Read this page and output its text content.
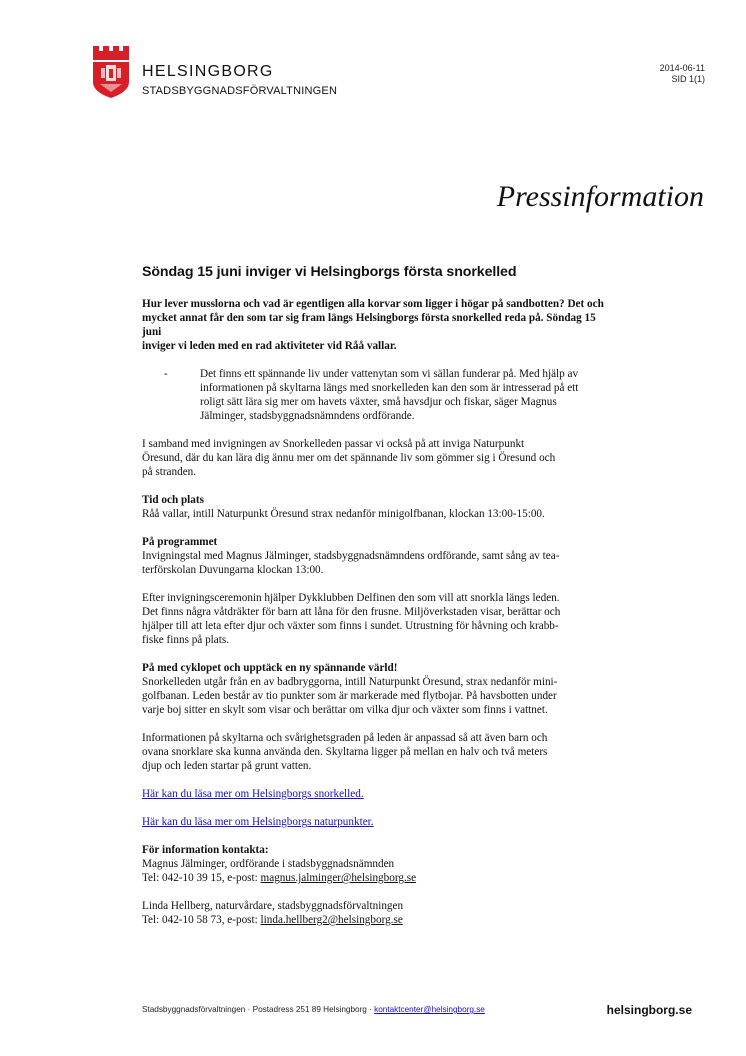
HELSINGBORG
STADSBYGGNADSFÖRVALTNINGEN
2014-06-11
SID 1(1)
Pressinformation
Söndag 15 juni inviger vi Helsingborgs första snorkelled
Hur lever musslorna och vad är egentligen alla korvar som ligger i högar på sandbotten? Det och
mycket annat får den som tar sig fram längs Helsingborgs första snorkelled reda på. Söndag 15 juni
inviger vi leden med en rad aktiviteter vid Råå vallar.
-	Det finns ett spännande liv under vattenytan som vi sällan funderar på. Med hjälp av
informationen på skyltarna längs med snorkelleden kan den som är intresserad på ett
roligt sätt lära sig mer om havets växter, små havsdjur och fiskar, säger Magnus
Jälminger, stadsbyggnadsnämndens ordförande.
I samband med invigningen av Snorkelleden passar vi också på att inviga Naturpunkt
Öresund, där du kan lära dig ännu mer om det spännande liv som gömmer sig i Öresund och
på stranden.
Tid och plats
Råå vallar, intill Naturpunkt Öresund strax nedanför minigolfbanan, klockan 13:00-15:00.
På programmet
Invigningstal med Magnus Jälminger, stadsbyggnadsnämndens ordförande, samt sång av tea-
terförskolan Duvungarna klockan 13:00.
Efter invigningsceremonin hjälper Dykklubben Delfinen den som vill att snorkla längs leden.
Det finns några våtdräkter för barn att låna för den frusne. Miljöverkstaden visar, berättar och
hjälper till att leta efter djur och växter som finns i sundet. Utrustning för håvning och krabb-
fiske finns på plats.
På med cyklopet och upptäck en ny spännande värld!
Snorkelleden utgår från en av badbryggorna, intill Naturpunkt Öresund, strax nedanför mini-
golfbanan. Leden består av tio punkter som är markerade med flytbojar. På havsbotten under
varje boj sitter en skylt som visar och berättar om vilka djur och växter som finns i vattnet.
Informationen på skyltarna och svårighetsgraden på leden är anpassad så att även barn och
ovana snorklare ska kunna använda den. Skyltarna ligger på mellan en halv och två meters
djup och leden startar på grunt vatten.
Här kan du läsa mer om Helsingborgs snorkelled.
Här kan du läsa mer om Helsingborgs naturpunkter.
För information kontakta:
Magnus Jälminger, ordförande i stadsbyggnadsnämnden
Tel: 042-10 39 15, e-post: magnus.jalminger@helsingborg.se
Linda Hellberg, naturvårdare, stadsbyggnadsförvaltningen
Tel: 042-10 58 73, e-post: linda.hellberg2@helsingborg.se
Stadsbyggnadsförvaltningen · Postadress 251 89 Helsingborg · kontaktcenter@helsingborg.se	helsingborg.se
